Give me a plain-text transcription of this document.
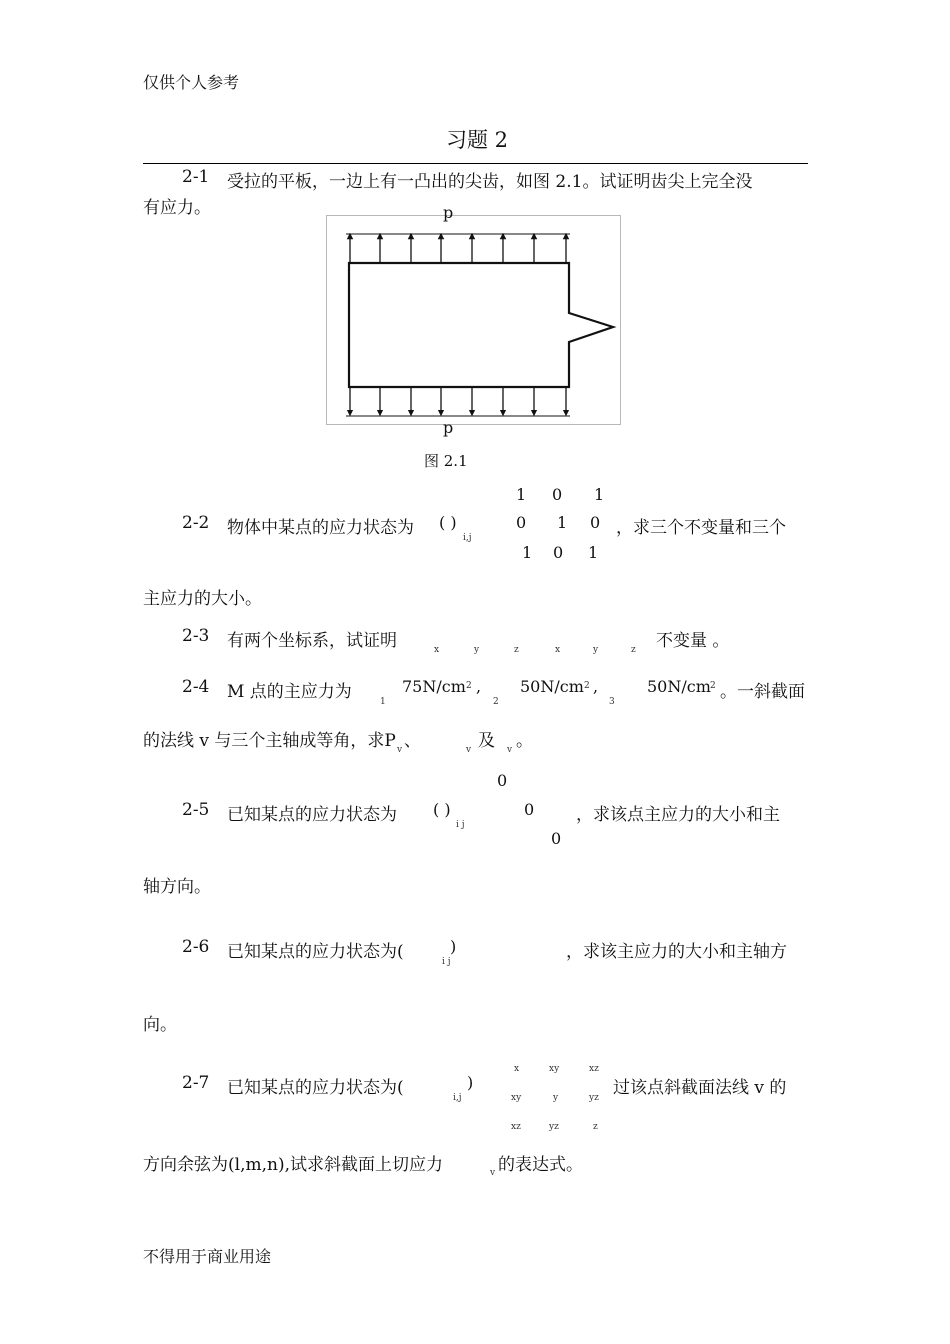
仅供个人参考
习题 2
不得用于商业用途
2-1 受拉的平板，一边上有一凸出的尖齿，如图 2.1。试证明齿尖上完全没
有应力。	p
p
图 2.1
1 0 1
2-2 物体中某点的应力状态为 ( )
i,j
0 1 0 ，求三个不变量和三个
1 0 1
主应力的大小。
2-3 有两个坐标系，试证明	x	y	z	x	y	z 不变量 。
2-4 M 点的主应力为	1
75N/cm 2 ,
2
50N/cm 2 ,
3
50N/cm 2 。一斜截面
的法线 v 与三个主轴成等角，求P v 、	v 及 v 。
0
2-5 已知某点的应力状态为 ( )
i j
0 ，求该点主应力的大小和主
0
轴方向。
2-6 已知某点的应力状态为(	)
i j	，求该主应力的大小和主轴方
向。
x	xy	xz
2-7 已知某点的应力状态为(	)
i,j	过该点斜截面法线 v 的
xy	y	yz
xz	yz	z
方向余弦为(l,m,n),试求斜截面上切应力	v 的表达式。
